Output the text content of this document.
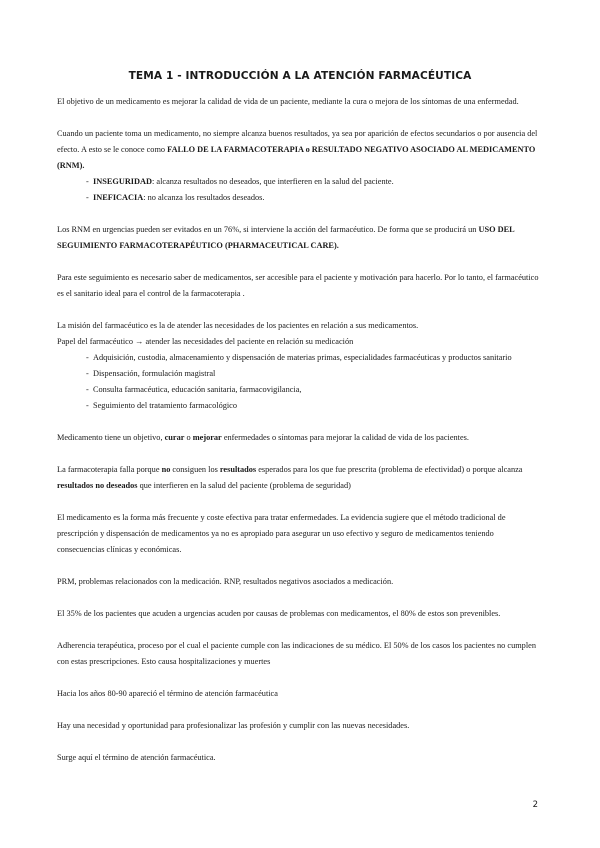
TEMA 1 - INTRODUCCIÓN A LA ATENCIÓN FARMACÉUTICA

El objetivo de un medicamento es mejorar la calidad de vida de un paciente, mediante la cura o mejora de los síntomas de una enfermedad.

Cuando un paciente toma un medicamento, no siempre alcanza buenos resultados, ya sea por aparición de efectos secundarios o por ausencia del efecto. A esto se le conoce como FALLO DE LA FARMACOTERAPIA o RESULTADO NEGATIVO ASOCIADO AL MEDICAMENTO (RNM).

- INSEGURIDAD: alcanza resultados no deseados, que interfieren en la salud del paciente.
- INEFICACIA: no alcanza los resultados deseados.

Los RNM en urgencias pueden ser evitados en un 76%, si interviene la acción del farmacéutico. De forma que se producirá un USO DEL SEGUIMIENTO FARMACOTERAPÉUTICO (PHARMACEUTICAL CARE).

Para este seguimiento es necesario saber de medicamentos, ser accesible para el paciente y motivación para hacerlo. Por lo tanto, el farmacéutico es el sanitario ideal para el control de la farmacoterapia .

La misión del farmacéutico es la de atender las necesidades de los pacientes en relación a sus medicamentos.

Papel del farmacéutico → atender las necesidades del paciente en relación su medicación

- Adquisición, custodia, almacenamiento y dispensación de materias primas, especialidades farmacéuticas y productos sanitario
- Dispensación, formulación magistral
- Consulta farmacéutica, educación sanitaria, farmacovigilancia,
- Seguimiento del tratamiento farmacológico

Medicamento tiene un objetivo, curar o mejorar enfermedades o síntomas para mejorar la calidad de vida de los pacientes.

La farmacoterapia falla porque no consiguen los resultados esperados para los que fue prescrita (problema de efectividad) o porque alcanza resultados no deseados que interfieren en la salud del paciente (problema de seguridad)

El medicamento es la forma más frecuente y coste efectiva para tratar enfermedades. La evidencia sugiere que el método tradicional de prescripción y dispensación de medicamentos ya no es apropiado para asegurar un uso efectivo y seguro de medicamentos teniendo consecuencias clínicas y económicas.

PRM, problemas relacionados con la medicación. RNP, resultados negativos asociados a medicación.

El 35% de los pacientes que acuden a urgencias acuden por causas de problemas con medicamentos, el 80% de estos son prevenibles.

Adherencia terapéutica, proceso por el cual el paciente cumple con las indicaciones de su médico. El 50% de los casos los pacientes no cumplen con estas prescripciones. Esto causa hospitalizaciones y muertes

Hacia los años 80-90 apareció el término de atención farmacéutica

Hay una necesidad y oportunidad para profesionalizar las profesión y cumplir con las nuevas necesidades.

Surge aquí el término de atención farmacéutica.

2
